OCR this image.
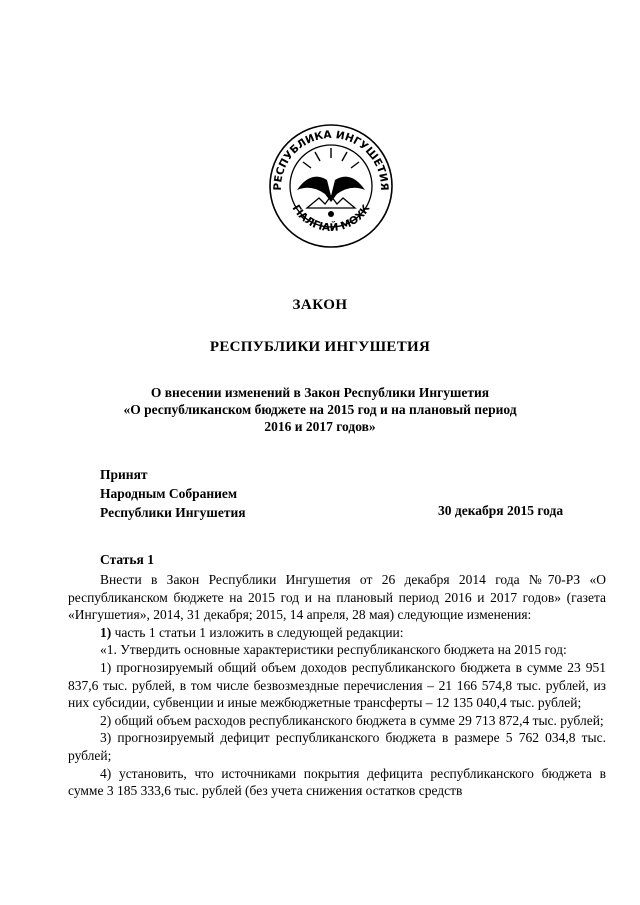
РЕСПУБЛИКА ИНГУШЕТИЯ
ГIАЛГIАЙ МОХК
ЗАКОН
РЕСПУБЛИКИ ИНГУШЕТИЯ
О внесении изменений в Закон Республики Ингушетия
«О республиканском бюджете на 2015 год и на плановый период
2016 и 2017 годов»
Принят
Народным Собранием
Республики Ингушетия	30 декабря 2015 года
Статья 1

Внести в Закон Республики Ингушетия от 26 декабря 2014 года №70-РЗ «О республиканском бюджете на 2015 год и на плановый период 2016 и 2017 годов» (газета «Ингушетия», 2014, 31 декабря; 2015, 14 апреля, 28 мая) следующие изменения:

1) часть 1 статьи 1 изложить в следующей редакции:

«1. Утвердить основные характеристики республиканского бюджета на 2015 год:

1) прогнозируемый общий объем доходов республиканского бюджета в сумме 23 951 837,6 тыс. рублей, в том числе безвозмездные перечисления – 21 166 574,8 тыс. рублей, из них субсидии, субвенции и иные межбюджетные трансферты – 12 135 040,4 тыс. рублей;

2) общий объем расходов республиканского бюджета в сумме 29 713 872,4 тыс. рублей;

3) прогнозируемый дефицит республиканского бюджета в размере 5 762 034,8 тыс. рублей;

4) установить, что источниками покрытия дефицита республиканского бюджета в сумме 3 185 333,6 тыс. рублей (без учета снижения остатков средств
